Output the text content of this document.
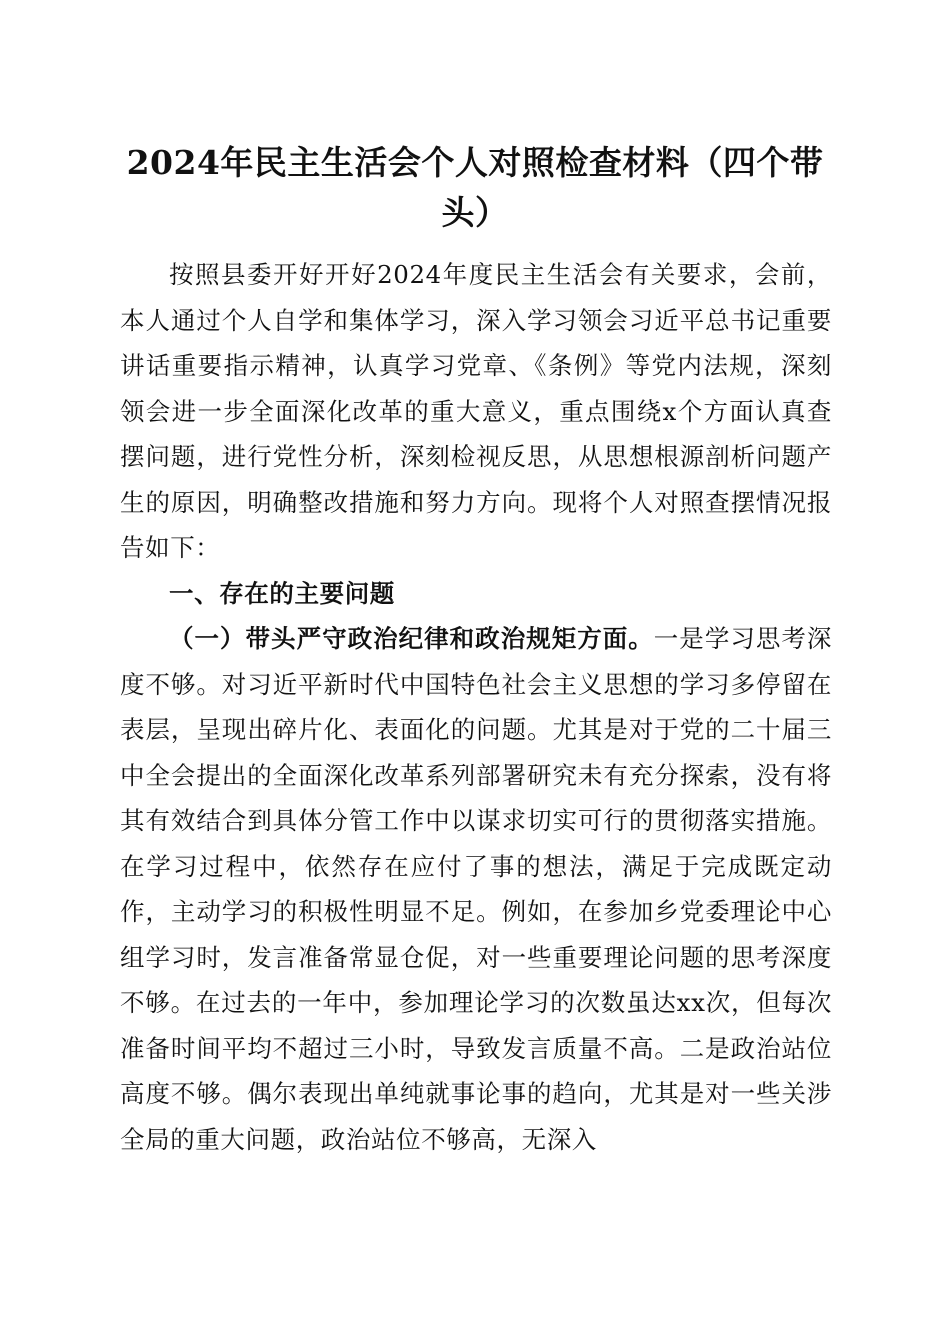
2024年民主生活会个人对照检查材料（四个带头）

按照县委开好开好2024年度民主生活会有关要求，会前，本人通过个人自学和集体学习，深入学习领会习近平总书记重要讲话重要指示精神，认真学习党章、《条例》等党内法规，深刻领会进一步全面深化改革的重大意义，重点围绕x个方面认真查摆问题，进行党性分析，深刻检视反思，从思想根源剖析问题产生的原因，明确整改措施和努力方向。现将个人对照查摆情况报告如下：

一、存在的主要问题

（一）带头严守政治纪律和政治规矩方面。一是学习思考深度不够。对习近平新时代中国特色社会主义思想的学习多停留在表层，呈现出碎片化、表面化的问题。尤其是对于党的二十届三中全会提出的全面深化改革系列部署研究未有充分探索，没有将其有效结合到具体分管工作中以谋求切实可行的贯彻落实措施。在学习过程中，依然存在应付了事的想法，满足于完成既定动作，主动学习的积极性明显不足。例如，在参加乡党委理论中心组学习时，发言准备常显仓促，对一些重要理论问题的思考深度不够。在过去的一年中，参加理论学习的次数虽达xx次，但每次准备时间平均不超过三小时，导致发言质量不高。二是政治站位高度不够。偶尔表现出单纯就事论事的趋向，尤其是对一些关涉全局的重大问题，政治站位不够高，无深入
